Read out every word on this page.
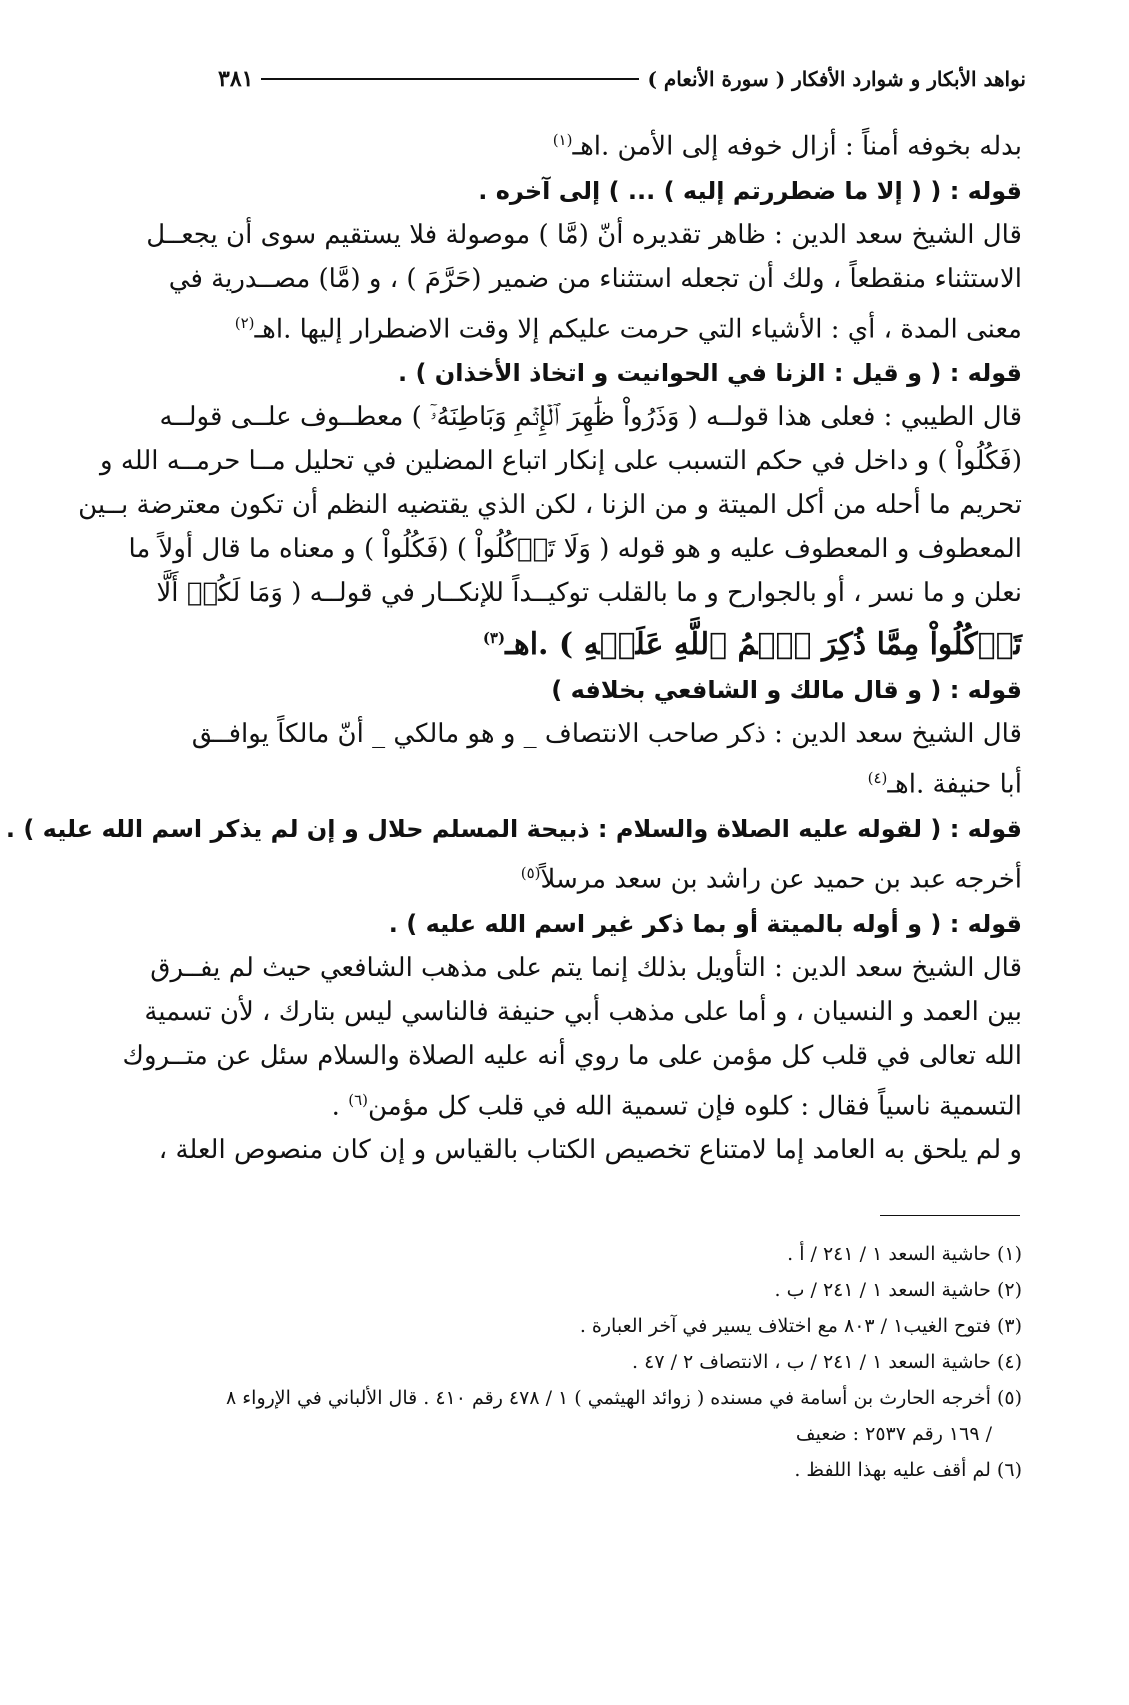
نواهد الأبكار و شوارد الأفكار ( سورة الأنعام )
٣٨١
بدله بخوفه أمناً : أزال خوفه إلى الأمن .اهـ$^{(١)}$
قوله : ( ( إلا ما ضطررتم إليه ) ... ) إلى آخره .
قال الشيخ سعد الدين : ظاهر تقديره أنّ (مَّا ) موصولة فلا يستقيم سوى أن يجعــل
الاستثناء منقطعاً ، ولك أن تجعله استثناء من ضمير (حَرَّمَ ) ، و (مَّا) مصــدرية في
معنى المدة ، أي : الأشياء التي حرمت عليكم إلا وقت الاضطرار إليها .اهـ$^{(٢)}$
قوله : ( و قيل : الزنا في الحوانيت و اتخاذ الأخذان ) .
قال الطيبي : فعلى هذا قولــه ( وَذَرُواْ ظَٰهِرَ ٱلۡإِثۡمِ وَبَاطِنَهُۥٓ ) معطــوف علــى قولــه
(فَكُلُواْ ) و داخل في حكم التسبب على إنكار اتباع المضلين في تحليل مــا حرمــه الله و
تحريم ما أحله من أكل الميتة و من الزنا ، لكن الذي يقتضيه النظم أن تكون معترضة بــين
المعطوف و المعطوف عليه و هو قوله ( وَلَا تَأۡكُلُواْ ) (فَكُلُواْ ) و معناه ما قال أولاً ما
نعلن و ما نسر ، أو بالجوارح و ما بالقلب توكيــداً للإنكــار في قولــه ( وَمَا لَكُمۡ أَلَّا
تَأۡكُلُواْ مِمَّا ذُكِرَ ٱسۡمُ ٱللَّهِ عَلَيۡهِ ) .اهـ$^{(٣)}$
قوله : ( و قال مالك و الشافعي بخلافه )
قال الشيخ سعد الدين : ذكر صاحب الانتصاف _ و هو مالكي _ أنّ مالكاً يوافــق
أبا حنيفة .اهـ$^{(٤)}$
قوله : ( لقوله عليه الصلاة والسلام : ذبيحة المسلم حلال و إن لم يذكر اسم الله عليه ) .
أخرجه عبد بن حميد عن راشد بن سعد مرسلاً$^{(٥)}$
قوله : ( و أوله بالميتة أو بما ذكر غير اسم الله عليه ) .
قال الشيخ سعد الدين : التأويل بذلك إنما يتم على مذهب الشافعي حيث لم يفــرق
بين العمد و النسيان ، و أما على مذهب أبي حنيفة فالناسي ليس بتارك ، لأن تسمية
الله تعالى في قلب كل مؤمن على ما روي أنه عليه الصلاة والسلام سئل عن متــروك
التسمية ناسياً فقال : كلوه فإن تسمية الله في قلب كل مؤمن$^{(٦)}$ .
و لم يلحق به العامد إما لامتناع تخصيص الكتاب بالقياس و إن كان منصوص العلة ،
(١) حاشية السعد ١ / ٢٤١ / أ .
(٢) حاشية السعد ١ / ٢٤١ / ب .
(٣) فتوح الغيب١ / ٨٠٣ مع اختلاف يسير في آخر العبارة .
(٤) حاشية السعد ١ / ٢٤١ / ب ، الانتصاف ٢ / ٤٧ .
(٥) أخرجه الحارث بن أسامة في مسنده ( زوائد الهيثمي ) ١ / ٤٧٨ رقم ٤١٠ . قال الألباني في الإرواء ٨
/ ١٦٩ رقم ٢٥٣٧ : ضعيف
(٦) لم أقف عليه بهذا اللفظ .
